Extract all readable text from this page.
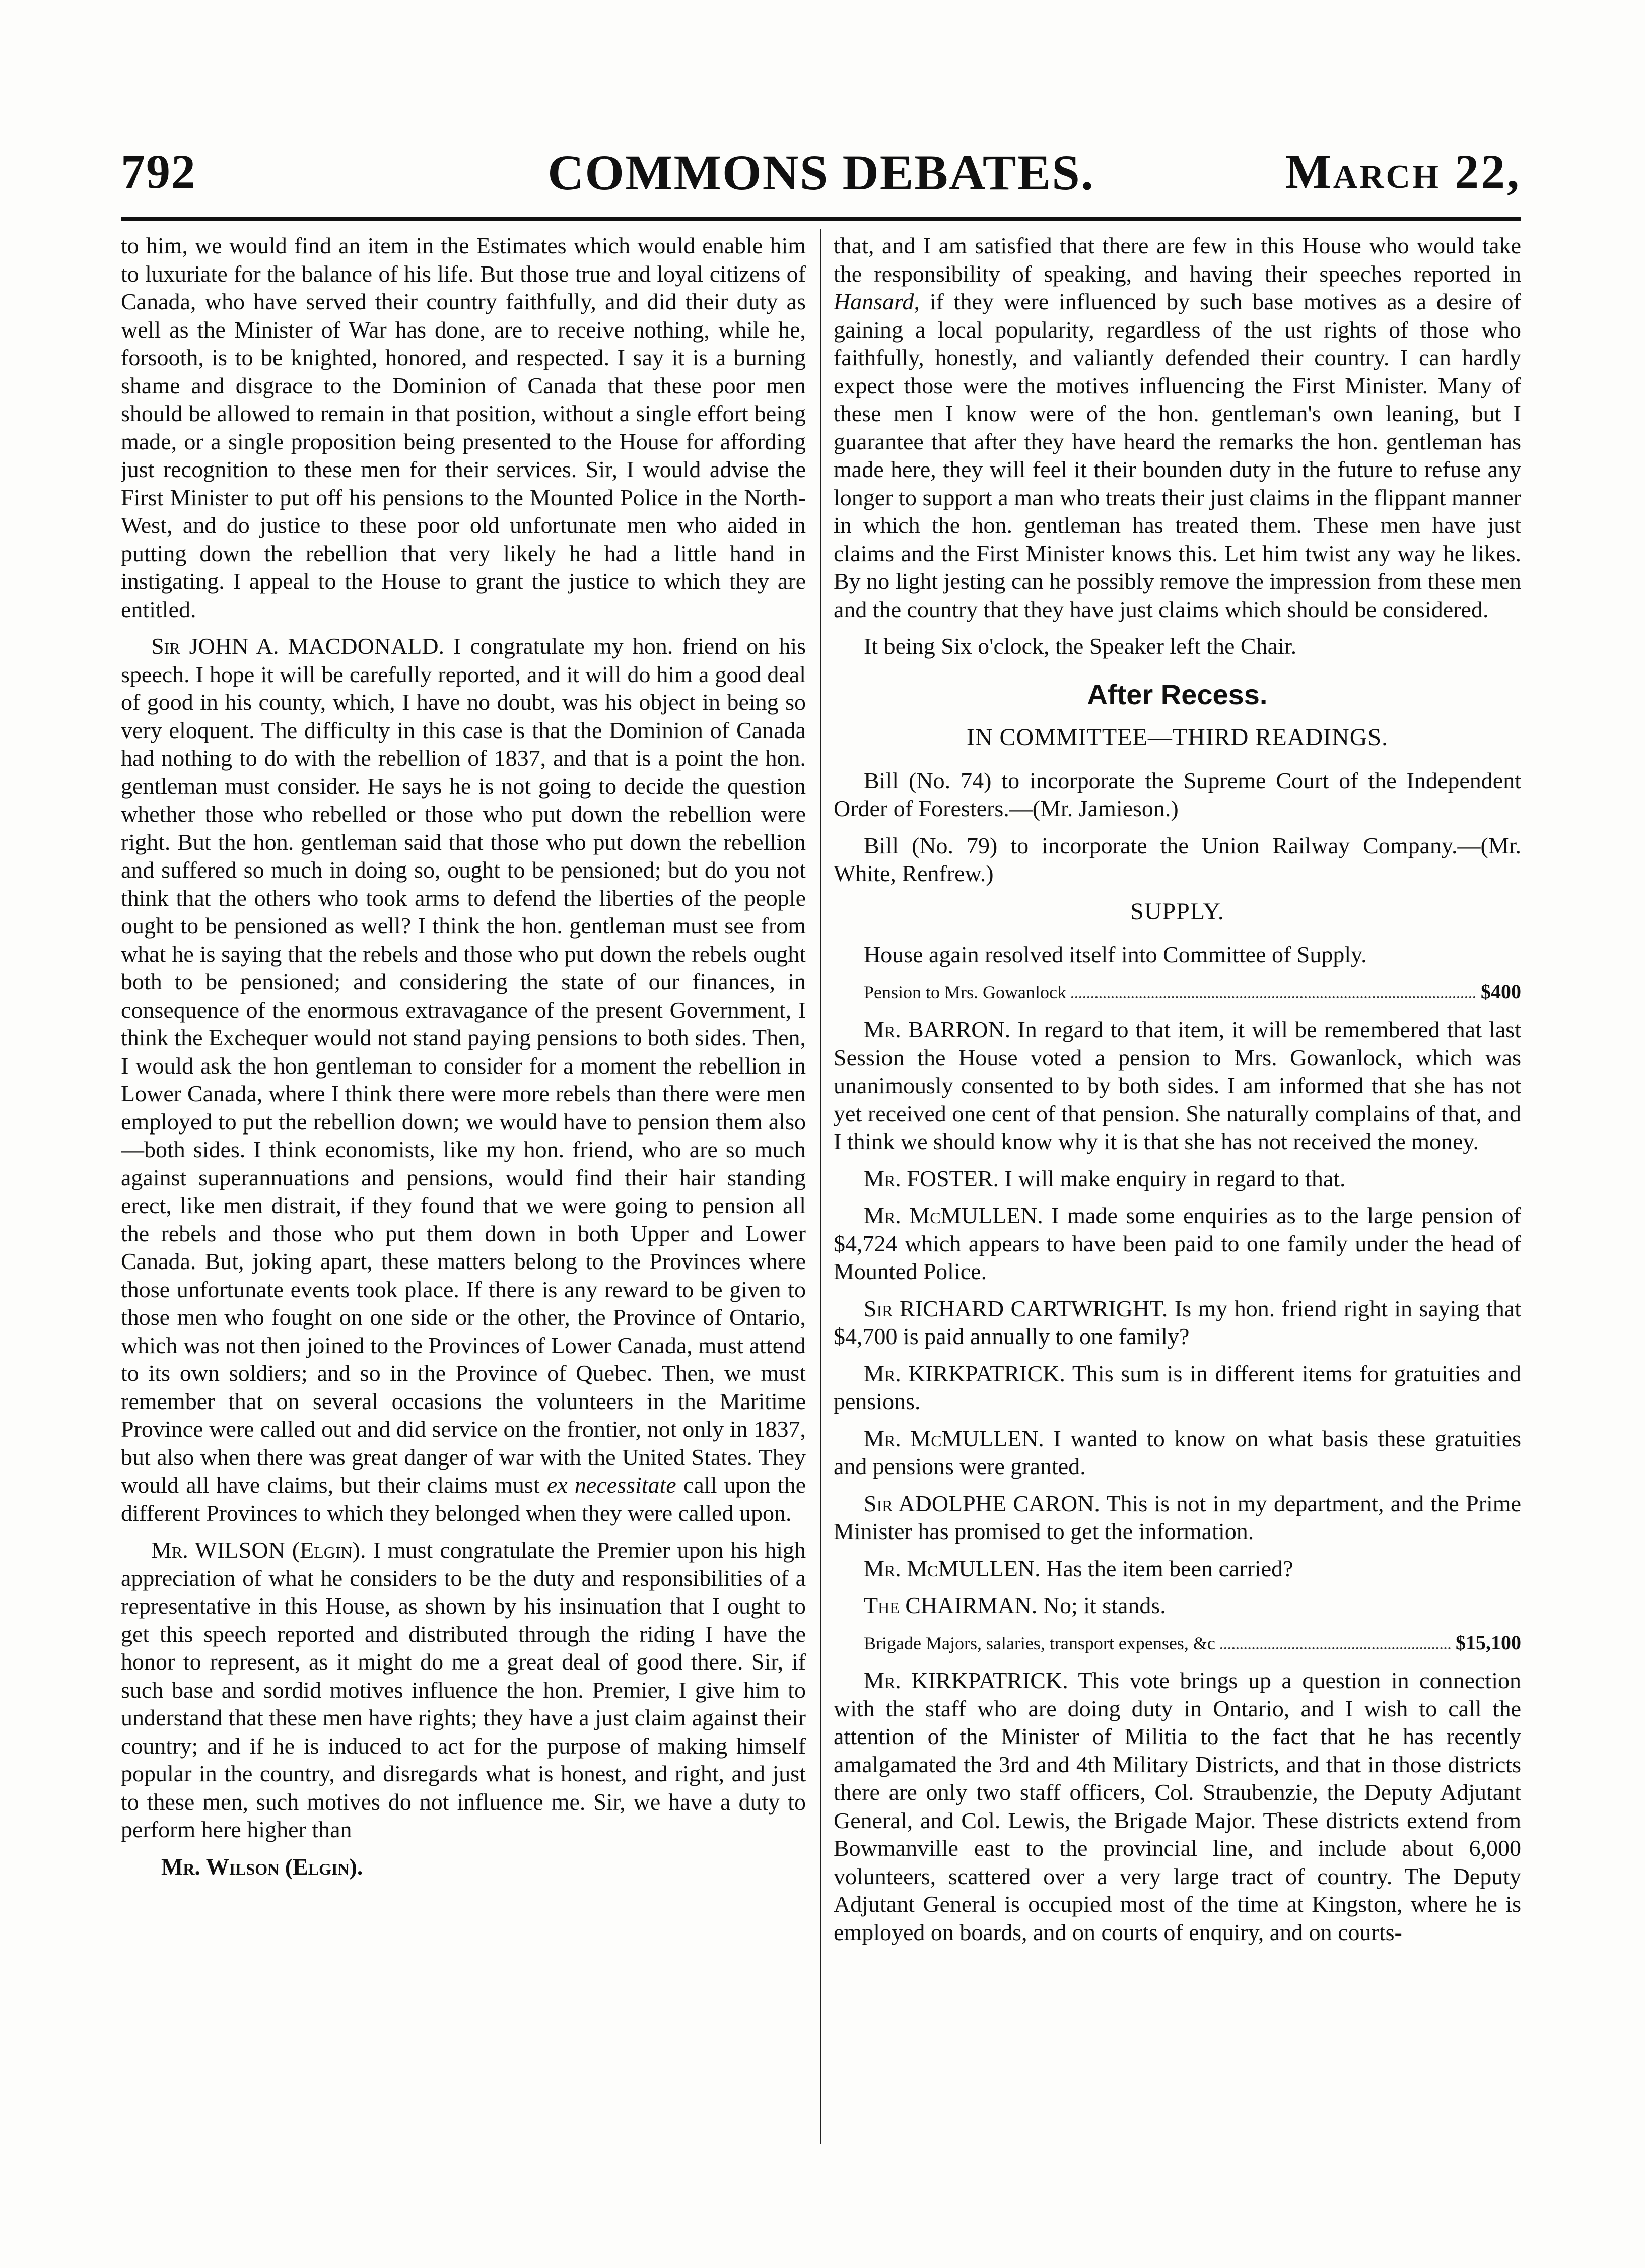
792	COMMONS DEBATES.	March 22,

to him, we would find an item in the Estimates which would enable him to luxuriate for the balance of his life. But those true and loyal citizens of Canada, who have served their country faithfully, and did their duty as well as the Minister of War has done, are to receive nothing, while he, forsooth, is to be knighted, honored, and respected. I say it is a burning shame and disgrace to the Dominion of Canada that these poor men should be allowed to remain in that position, without a single effort being made, or a single proposition being presented to the House for affording just recognition to these men for their services. Sir, I would advise the First Minister to put off his pensions to the Mounted Police in the North-West, and do justice to these poor old unfortunate men who aided in putting down the rebellion that very likely he had a little hand in instigating. I appeal to the House to grant the justice to which they are entitled.

Sir JOHN A. MACDONALD. I congratulate my hon. friend on his speech. I hope it will be carefully reported, and it will do him a good deal of good in his county, which, I have no doubt, was his object in being so very eloquent. The difficulty in this case is that the Dominion of Canada had nothing to do with the rebellion of 1837, and that is a point the hon. gentleman must consider. He says he is not going to decide the question whether those who rebelled or those who put down the rebellion were right. But the hon. gentleman said that those who put down the rebellion and suffered so much in doing so, ought to be pensioned; but do you not think that the others who took arms to defend the liberties of the people ought to be pensioned as well? I think the hon. gentleman must see from what he is saying that the rebels and those who put down the rebels ought both to be pensioned; and considering the state of our finances, in consequence of the enormous extravagance of the present Government, I think the Exchequer would not stand paying pensions to both sides. Then, I would ask the hon gentleman to consider for a moment the rebellion in Lower Canada, where I think there were more rebels than there were men employed to put the rebellion down; we would have to pension them also—both sides. I think economists, like my hon. friend, who are so much against superannuations and pensions, would find their hair standing erect, like men distrait, if they found that we were going to pension all the rebels and those who put them down in both Upper and Lower Canada. But, joking apart, these matters belong to the Provinces where those unfortunate events took place. If there is any reward to be given to those men who fought on one side or the other, the Province of Ontario, which was not then joined to the Provinces of Lower Canada, must attend to its own soldiers; and so in the Province of Quebec. Then, we must remember that on several occasions the volunteers in the Maritime Province were called out and did service on the frontier, not only in 1837, but also when there was great danger of war with the United States. They would all have claims, but their claims must ex necessitate call upon the different Provinces to which they belonged when they were called upon.

Mr. WILSON (Elgin). I must congratulate the Premier upon his high appreciation of what he considers to be the duty and responsibilities of a representative in this House, as shown by his insinuation that I ought to get this speech reported and distributed through the riding I have the honor to represent, as it might do me a great deal of good there. Sir, if such base and sordid motives influence the hon. Premier, I give him to understand that these men have rights; they have a just claim against their country; and if he is induced to act for the purpose of making himself popular in the country, and disregards what is honest, and right, and just to these men, such motives do not influence me. Sir, we have a duty to perform here higher than

Mr. Wilson (Elgin).

that, and I am satisfied that there are few in this House who would take the responsibility of speaking, and having their speeches reported in Hansard, if they were influenced by such base motives as a desire of gaining a local popularity, regardless of the ust rights of those who faithfully, honestly, and valiantly defended their country. I can hardly expect those were the motives influencing the First Minister. Many of these men I know were of the hon. gentleman's own leaning, but I guarantee that after they have heard the remarks the hon. gentleman has made here, they will feel it their bounden duty in the future to refuse any longer to support a man who treats their just claims in the flippant manner in which the hon. gentleman has treated them. These men have just claims and the First Minister knows this. Let him twist any way he likes. By no light jesting can he possibly remove the impression from these men and the country that they have just claims which should be considered.

It being Six o'clock, the Speaker left the Chair.

After Recess.
IN COMMITTEE—THIRD READINGS.

Bill (No. 74) to incorporate the Supreme Court of the Independent Order of Foresters.—(Mr. Jamieson.)

Bill (No. 79) to incorporate the Union Railway Company.—(Mr. White, Renfrew.)

SUPPLY.

House again resolved itself into Committee of Supply.

Pension to Mrs. Gowanlock	$400

Mr. BARRON. In regard to that item, it will be remembered that last Session the House voted a pension to Mrs. Gowanlock, which was unanimously consented to by both sides. I am informed that she has not yet received one cent of that pension. She naturally complains of that, and I think we should know why it is that she has not received the money.

Mr. FOSTER. I will make enquiry in regard to that.

Mr. McMULLEN. I made some enquiries as to the large pension of $4,724 which appears to have been paid to one family under the head of Mounted Police.

Sir RICHARD CARTWRIGHT. Is my hon. friend right in saying that $4,700 is paid annually to one family?

Mr. KIRKPATRICK. This sum is in different items for gratuities and pensions.

Mr. McMULLEN. I wanted to know on what basis these gratuities and pensions were granted.

Sir ADOLPHE CARON. This is not in my department, and the Prime Minister has promised to get the information.

Mr. McMULLEN. Has the item been carried?

The CHAIRMAN. No; it stands.

Brigade Majors, salaries, transport expenses, &c	$15,100

Mr. KIRKPATRICK. This vote brings up a question in connection with the staff who are doing duty in Ontario, and I wish to call the attention of the Minister of Militia to the fact that he has recently amalgamated the 3rd and 4th Military Districts, and that in those districts there are only two staff officers, Col. Straubenzie, the Deputy Adjutant General, and Col. Lewis, the Brigade Major. These districts extend from Bowmanville east to the provincial line, and include about 6,000 volunteers, scattered over a very large tract of country. The Deputy Adjutant General is occupied most of the time at Kingston, where he is employed on boards, and on courts of enquiry, and on courts-
